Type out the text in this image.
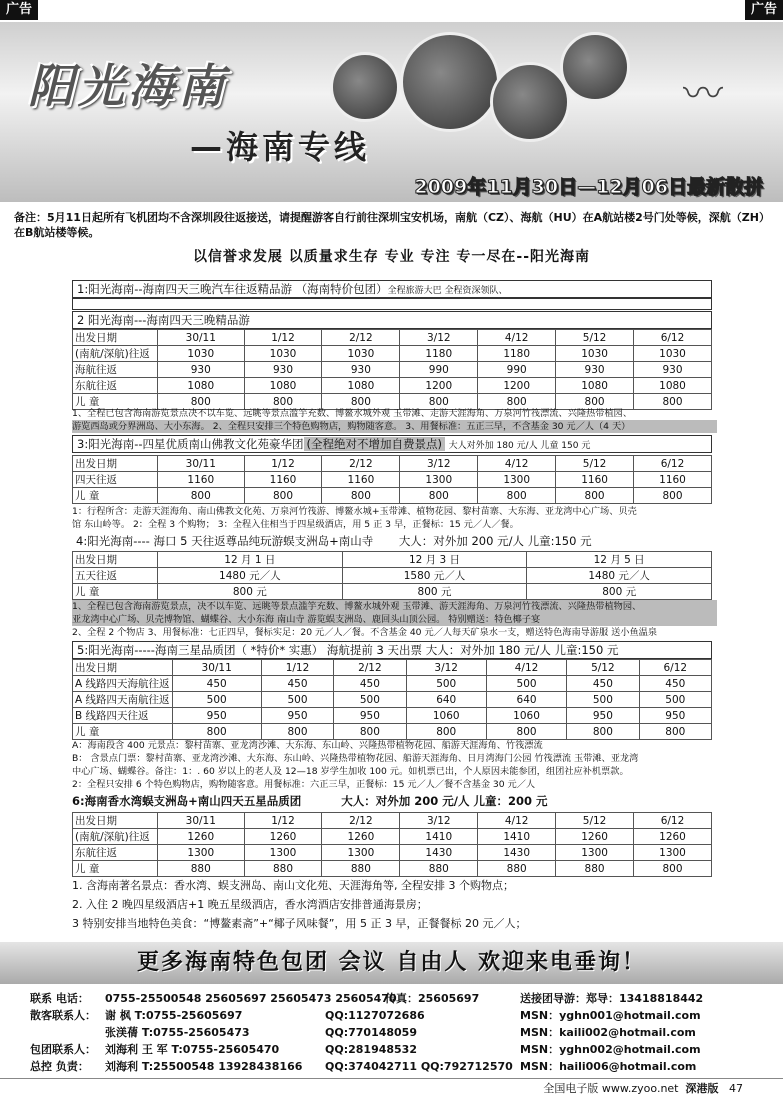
广告	广告
〰
阳光海南
—海南专线
2009年11月30日—12月06日最新散拼
备注：5月11日起所有飞机团均不含深圳段往返接送，请提醒游客自行前往深圳宝安机场，南航（CZ）、海航（HU）在A航站楼2号门处等候，深航（ZH）在B航站楼等候。
以信誉求发展 以质量求生存 专业 专注 专一尽在--阳光海南
1:阳光海南--海南四天三晚汽车往返精品游 （海南特价包团）全程旅游大巴 全程资深领队、
2 阳光海南---海南四天三晚精品游
出发日期	30/11	1/12	2/12	3/12	4/12	5/12	6/12
(南航/深航)往返	1030	1030	1030	1180	1180	1030	1030
海航往返	930	930	930	990	990	930	930
东航往返	1080	1080	1080	1200	1200	1080	1080
儿 童	800	800	800	800	800	800	800
1、全程已包含海南游览景点决不以车览、远眺等景点滥竽充数、博鳌水城外观 玉带滩、走游天涯海角、万泉河竹筏漂流、兴隆热带植园、
游览西岛或分界洲岛、大小东海。 2、全程只安排三个特色购物店，购物随客意。 3、用餐标准：五正三早，不含基金 30 元／人（4 天）
3:阳光海南--四星优质南山佛教文化苑豪华团 (全程绝对不增加自费景点) 大人对外加 180 元/人 儿童 150 元
出发日期	30/11	1/12	2/12	3/12	4/12	5/12	6/12
四天往返	1160	1160	1160	1300	1300	1160	1160
儿 童	800	800	800	800	800	800	800
1：行程所含：走游天涯海角、南山佛教文化苑、万泉河竹筏游、博鳌水城+玉带滩、植物花园、黎村苗寨、大东海、亚龙湾中心广场、贝壳
馆 东山岭等。 2：全程 3 个购物； 3：全程入住相当于四星级酒店，用 5 正 3 早，正餐标：15 元／人／餐。
4:阳光海南---- 海口 5 天往返尊品纯玩游蜈支洲岛+南山寺 大人：对外加 200 元/人 儿童:150 元
出发日期	12 月 1 日	12 月 3 日	12 月 5 日
五天往返	1480 元／人	1580 元／人	1480 元／人
儿 童	800 元	800 元	800 元
1、全程已包含海南游览景点，决不以车览、远眺等景点滥竽充数、博鳌水城外观 玉带滩、游天涯海角、万泉河竹筏漂流、兴隆热带植物园、
亚龙湾中心广场、贝壳博物馆、蝴蝶谷、大小东海 南山寺 游览蜈支洲岛、鹿回头山顶公园。 特别赠送：特色椰子宴
2、全程 2 个物店 3、用餐标准：七正四早，餐标实足：20 元／人／餐。不含基金 40 元／人每天矿泉水一支，赠送特色海南导游服 送小鱼温泉
5:阳光海南-----海南三星品质团（ *特价* 实惠） 海航提前 3 天出票 大人：对外加 180 元/人 儿童:150 元
出发日期	30/11	1/12	2/12	3/12	4/12	5/12	6/12
A 线路四天海航往返	450	450	450	500	500	450	450
A 线路四天南航往返	500	500	500	640	640	500	500
B 线路四天往返	950	950	950	1060	1060	950	950
儿 童	800	800	800	800	800	800	800
A：海南段含 400 元景点：黎村苗寨、亚龙湾沙滩、大东海、东山岭、兴隆热带植物花园、船游天涯海角、竹筏漂流
B： 含景点门票：黎村苗寨、亚龙湾沙滩、大东海、东山岭、兴隆热带植物花园、船游天涯海角、日月湾海门公园 竹筏漂流 玉带滩、亚龙湾
中心广场、蝴蝶谷。备注：1：. 60 岁以上的老人及 12—18 岁学生加收 100 元。如机票已出，个人原因未能参团，组团社应补机票款。
2：全程只安排 6 个特色购物店，购物随客意。用餐标准：六正三早，正餐标：15 元／人／餐不含基金 30 元／人
6:海南香水湾蜈支洲岛+南山四天五星品质团	大人：对外加 200 元/人 儿童：200 元
出发日期	30/11	1/12	2/12	3/12	4/12	5/12	6/12
(南航/深航)往返	1260	1260	1260	1410	1410	1260	1260
东航往返	1300	1300	1300	1430	1430	1300	1300
儿 童	880	880	880	880	880	880	800
1. 含海南著名景点：香水湾、蜈支洲岛、南山文化苑、天涯海角等, 全程安排 3 个购物点；
2. 入住 2 晚四星级酒店+1 晚五星级酒店，香水湾酒店安排普通海景房；
3 特别安排当地特色美食：“博鳌素斋”+“椰子风味餐”，用 5 正 3 早，正餐餐标 20 元／人；
更多海南特色包团 会议 自由人 欢迎来电垂询！
联系 电话：	0755-25500548 25605697 25605473 25605470
传真：25605697	送接团导游：郑导：13418818442
散客联系人： 谢 枫 T:0755-25605697	QQ:1127072686	MSN：yghn001@hotmail.com
张渼蒨 T:0755-25605473	QQ:770148059	MSN：kaili002@hotmail.com
包团联系人： 刘海利 王 军 T:0755-25605470	QQ:281948532	MSN：yghn002@hotmail.com
总控 负责：	刘海利 T:25500548 13928438166	QQ:374042711 QQ:792712570 MSN：haili006@hotmail.com
全国电子版 www.zyoo.net 深港版 47
